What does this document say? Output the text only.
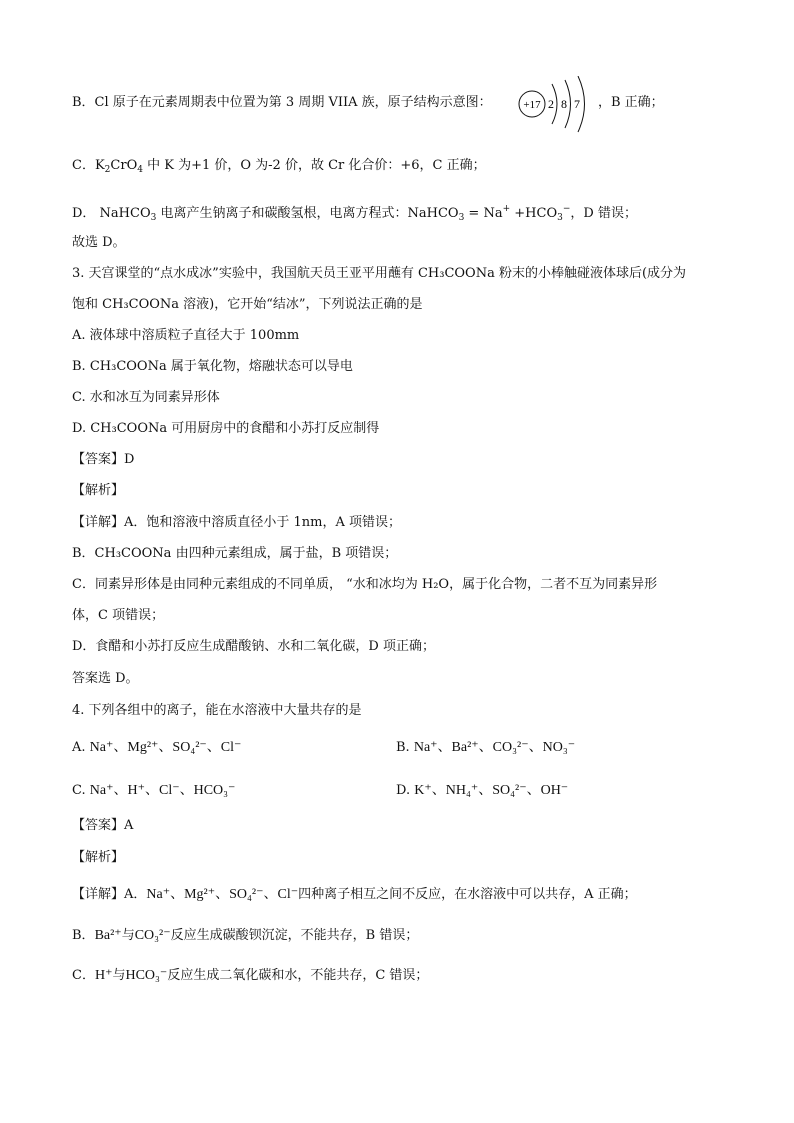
B．Cl 原子在元素周期表中位置为第 3 周期 VIIA 族，原子结构示意图：	+17 2 8 7 ，B 正确；
C．$K_2CrO_4$ 中 K 为+1 价，O 为-2 价，故 Cr 化合价：+6，C 正确；
D． NaHCO$_3$ 电离产生钠离子和碳酸氢根，电离方程式：NaHCO$_3$ = $Na^+ +HCO_3^-$，D 错误；
故选 D。
3. 天宫课堂的“点水成冰”实验中，我国航天员王亚平用蘸有 CH₃COONa 粉末的小棒触碰液体球后(成分为
饱和 CH₃COONa 溶液)，它开始“结冰”，下列说法正确的是
A. 液体球中溶质粒子直径大于 100mm
B. CH₃COONa 属于氧化物，熔融状态可以导电
C. 水和冰互为同素异形体
D. CH₃COONa 可用厨房中的食醋和小苏打反应制得
【答案】D
【解析】
【详解】A．饱和溶液中溶质直径小于 1nm，A 项错误；
B．CH₃COONa 由四种元素组成，属于盐，B 项错误；
C．同素异形体是由同种元素组成的不同单质， “水和冰均为 H₂O，属于化合物，二者不互为同素异形
体，C 项错误；
D．食醋和小苏打反应生成醋酸钠、水和二氧化碳，D 项正确；
答案选 D。
4. 下列各组中的离子，能在水溶液中大量共存的是
A. Na⁺、Mg²⁺、SO₄²⁻、Cl⁻	B. Na⁺、Ba²⁺、CO₃²⁻、NO₃⁻
C. Na⁺、H⁺、Cl⁻、HCO₃⁻	D. K⁺、NH₄⁺、SO₄²⁻、OH⁻
【答案】A
【解析】
【详解】A．Na⁺、Mg²⁺、SO₄²⁻、Cl⁻四种离子相互之间不反应，在水溶液中可以共存，A 正确；
B．Ba²⁺与CO₃²⁻反应生成碳酸钡沉淀，不能共存，B 错误；
C．H⁺与HCO₃⁻反应生成二氧化碳和水，不能共存，C 错误；
